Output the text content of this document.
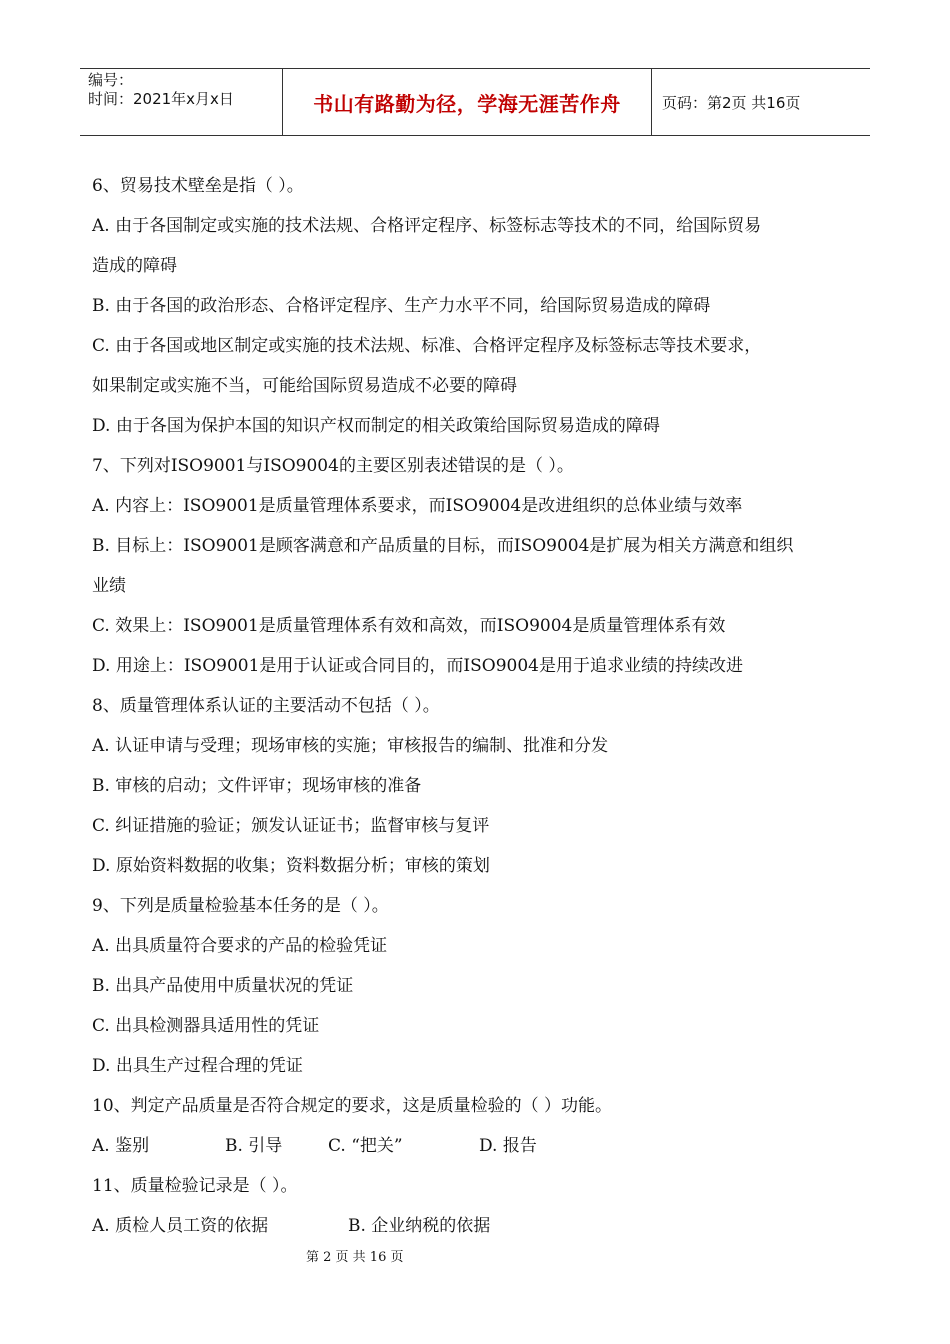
编号：
时间：2021年x月x日	书山有路勤为径，学海无涯苦作舟	页码：第2页 共16页
6、贸易技术壁垒是指（ ）。
A. 由于各国制定或实施的技术法规、合格评定程序、标签标志等技术的不同，给国际贸易
造成的障碍
B. 由于各国的政治形态、合格评定程序、生产力水平不同，给国际贸易造成的障碍
C. 由于各国或地区制定或实施的技术法规、标准、合格评定程序及标签标志等技术要求，
如果制定或实施不当，可能给国际贸易造成不必要的障碍
D. 由于各国为保护本国的知识产权而制定的相关政策给国际贸易造成的障碍
7、下列对ISO9001与ISO9004的主要区别表述错误的是（ ）。
A. 内容上：ISO9001是质量管理体系要求，而ISO9004是改进组织的总体业绩与效率
B. 目标上：ISO9001是顾客满意和产品质量的目标，而ISO9004是扩展为相关方满意和组织
业绩
C. 效果上：ISO9001是质量管理体系有效和高效，而ISO9004是质量管理体系有效
D. 用途上：ISO9001是用于认证或合同目的，而ISO9004是用于追求业绩的持续改进
8、质量管理体系认证的主要活动不包括（ ）。
A. 认证申请与受理；现场审核的实施；审核报告的编制、批准和分发
B. 审核的启动；文件评审；现场审核的准备
C. 纠证措施的验证；颁发认证证书；监督审核与复评
D. 原始资料数据的收集；资料数据分析；审核的策划
9、下列是质量检验基本任务的是（ ）。
A. 出具质量符合要求的产品的检验凭证
B. 出具产品使用中质量状况的凭证
C. 出具检测器具适用性的凭证
D. 出具生产过程合理的凭证
10、判定产品质量是否符合规定的要求，这是质量检验的（ ）功能。
A. 鉴别	B. 引导	C. “把关”	D. 报告
11、质量检验记录是（ ）。
A. 质检人员工资的依据	B. 企业纳税的依据
第 2 页 共 16 页
